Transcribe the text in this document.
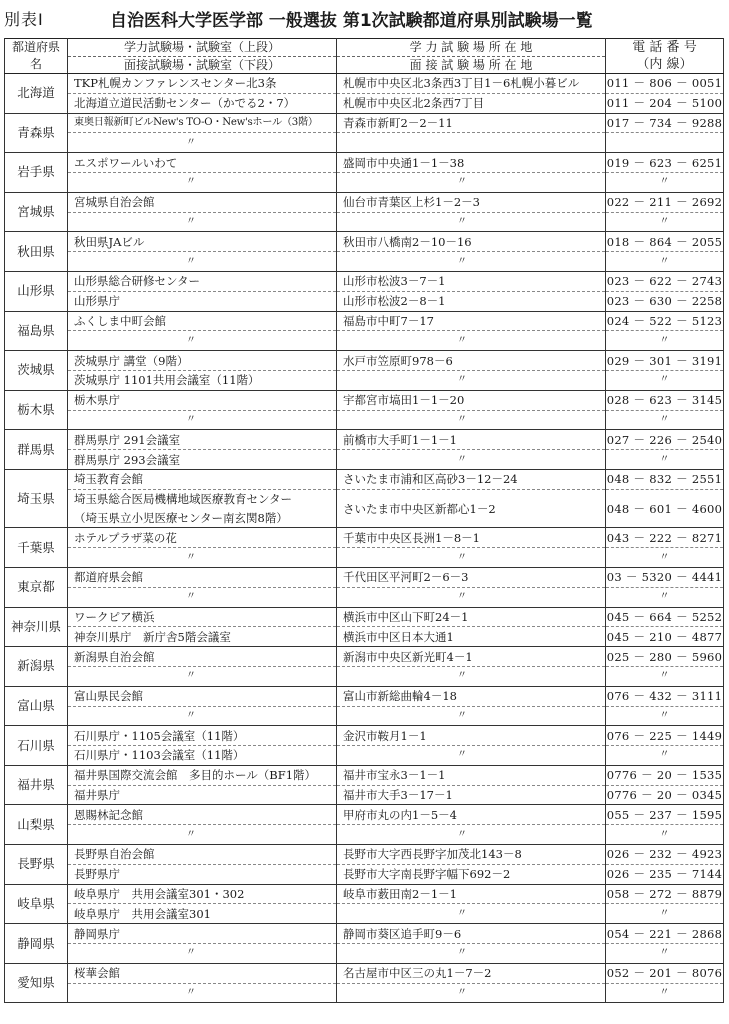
別表Ⅰ	自治医科大学医学部 一般選抜 第1次試験都道府県別試験場一覧
都道府県　名	学力試験場・試験室（上段）	学 力 試 験 場 所 在 地	電 話 番 号
	面接試験場・試験室（下段）	面 接 試 験 場 所 在 地	（内 線）
北海道	TKP札幌カンファレンスセンター北3条	札幌市中央区北3条西3丁目1－6札幌小暮ビル	011 － 806 － 0051
	北海道立道民活動センター（かでる2・7）	札幌市中央区北2条西7丁目	011 － 204 － 5100
青森県	東奥日報新町ビルNew's TO-O・New'sホール（3階）	青森市新町2－2－11	017 － 734 － 9288
	〃		
岩手県	エスポワールいわて	盛岡市中央通1－1－38	019 － 623 － 6251
	〃	〃	〃
宮城県	宮城県自治会館	仙台市青葉区上杉1－2－3	022 － 211 － 2692
	〃	〃	〃
秋田県	秋田県JAビル	秋田市八橋南2－10－16	018 － 864 － 2055
	〃	〃	〃
山形県	山形県総合研修センター	山形市松波3－7－1	023 － 622 － 2743
	山形県庁	山形市松波2－8－1	023 － 630 － 2258
福島県	ふくしま中町会館	福島市中町7－17	024 － 522 － 5123
	〃	〃	〃
茨城県	茨城県庁 講堂（9階）	水戸市笠原町978－6	029 － 301 － 3191
	茨城県庁 1101共用会議室（11階）	〃	〃
栃木県	栃木県庁	宇都宮市塙田1－1－20	028 － 623 － 3145
	〃	〃	〃
群馬県	群馬県庁 291会議室	前橋市大手町1－1－1	027 － 226 － 2540
	群馬県庁 293会議室	〃	〃
埼玉県	埼玉教育会館	さいたま市浦和区高砂3－12－24	048 － 832 － 2551
	埼玉県総合医局機構地域医療教育センター	さいたま市中央区新都心1－2	048 － 601 － 4600
	（埼玉県立小児医療センター南玄関8階）		
千葉県	ホテルプラザ菜の花	千葉市中央区長洲1－8－1	043 － 222 － 8271
	〃	〃	〃
東京都	都道府県会館	千代田区平河町2－6－3	03 － 5320 － 4441
	〃	〃	〃
神奈川県	ワークピア横浜	横浜市中区山下町24－1	045 － 664 － 5252
	神奈川県庁　新庁舎5階会議室	横浜市中区日本大通1	045 － 210 － 4877
新潟県	新潟県自治会館	新潟市中央区新光町4－1	025 － 280 － 5960
	〃	〃	〃
富山県	富山県民会館	富山市新総曲輪4－18	076 － 432 － 3111
	〃	〃	〃
石川県	石川県庁・1105会議室（11階）	金沢市鞍月1－1	076 － 225 － 1449
	石川県庁・1103会議室（11階）	〃	〃
福井県	福井県国際交流会館　多目的ホール（BF1階）	福井市宝永3－1－1	0776 － 20 － 1535
	福井県庁	福井市大手3－17－1	0776 － 20 － 0345
山梨県	恩賜林記念館	甲府市丸の内1－5－4	055 － 237 － 1595
	〃	〃	〃
長野県	長野県自治会館	長野市大字西長野字加茂北143－8	026 － 232 － 4923
	長野県庁	長野市大字南長野字幅下692－2	026 － 235 － 7144
岐阜県	岐阜県庁　共用会議室301・302	岐阜市薮田南2－1－1	058 － 272 － 8879
	岐阜県庁　共用会議室301	〃	〃
静岡県	静岡県庁	静岡市葵区追手町9－6	054 － 221 － 2868
	〃	〃	〃
愛知県	桜華会館	名古屋市中区三の丸1－7－2	052 － 201 － 8076
	〃	〃	〃
